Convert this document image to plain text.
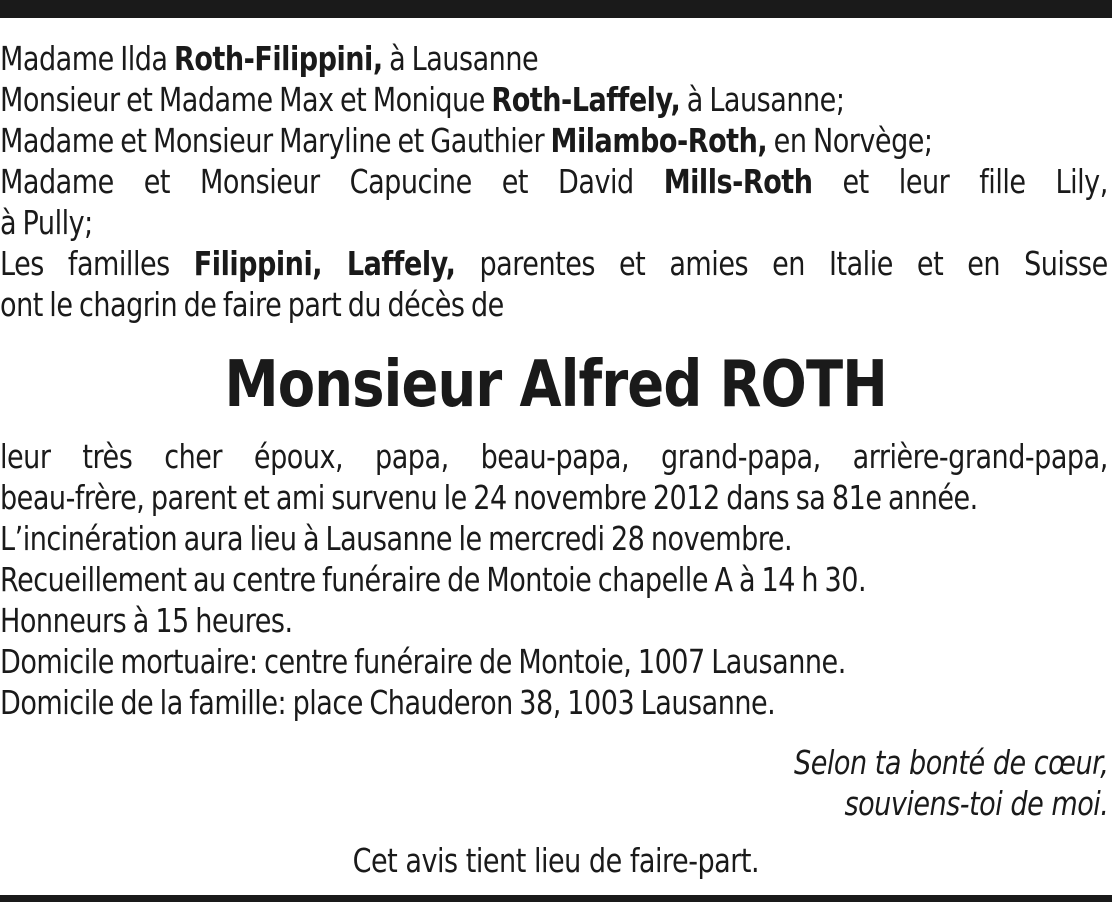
Madame Ilda Roth-Filippini, à Lausanne
Monsieur et Madame Max et Monique Roth-Laffely, à Lausanne;
Madame et Monsieur Maryline et Gauthier Milambo-Roth, en Norvège;
Madame et Monsieur Capucine et David Mills-Roth et leur fille Lily,
à Pully;
Les familles Filippini, Laffely, parentes et amies en Italie et en Suisse
ont le chagrin de faire part du décès de
Monsieur Alfred ROTH
leur très cher époux, papa, beau-papa, grand-papa, arrière-grand-papa,
beau-frère, parent et ami survenu le 24 novembre 2012 dans sa 81e année.
L’incinération aura lieu à Lausanne le mercredi 28 novembre.
Recueillement au centre funéraire de Montoie chapelle A à 14 h 30.
Honneurs à 15 heures.
Domicile mortuaire: centre funéraire de Montoie, 1007 Lausanne.
Domicile de la famille: place Chauderon 38, 1003 Lausanne.
Selon ta bonté de cœur,
souviens-toi de moi.
Cet avis tient lieu de faire-part.
